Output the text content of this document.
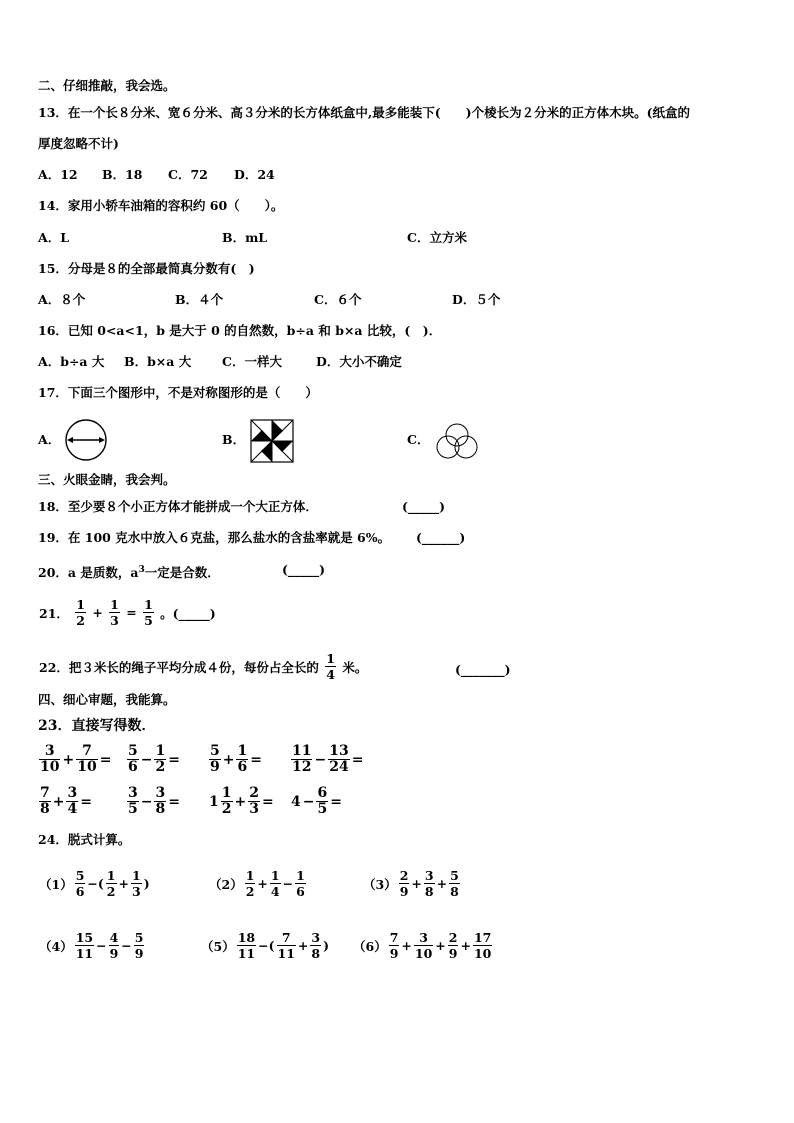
二、仔细推敲，我会选。
13．在一个长８分米、宽６分米、高３分米的长方体纸盒中,最多能装下(　　)个棱长为２分米的正方体木块。(纸盒的
厚度忽略不计)
A．12 B．18 C．72 D．24
14．家用小轿车油箱的容积约 60（　　）。
A．L	B．mL	C．立方米
15．分母是８的全部最简真分数有(　)
A．８个	B．４个	C．６个	D．５个
16．已知 0<a<1，b 是大于 0 的自然数，b÷a 和 b×a 比较，(　)．
A．b÷a 大 B．b×a 大 C．一样大	D．大小不确定
17．下面三个图形中，不是对称图形的是（　　）
A．	B．	C．
三、火眼金睛，我会判。
18．至少要８个小正方体才能拼成一个大正方体．	(_____)
19．在 100 克水中放入６克盐，那么盐水的含盐率就是 6%。 (______)
20．a 是质数，$a^3$一定是合数．	(_____)
21． $\frac{1}{2} + \frac{1}{3} = \frac{1}{5}$ 。(_____)
22．把３米长的绳子平均分成４份，每份占全长的 $\frac{1}{4}$ 米。	(_______)
四、细心审题，我能算。
23．直接写得数．
$\frac{3}{10} + \frac{7}{10} = \frac{5}{6} - \frac{1}{2} = \frac{5}{9} + \frac{1}{6} = \frac{11}{12} - \frac{13}{24}$ =
$\frac{7}{8} + \frac{3}{4}$ =	$\frac{3}{5} - \frac{3}{8} = 1 \frac{1}{2} + \frac{2}{3} = 4 - \frac{6}{5}$ =
24．脱式计算。
$(1) \frac{5}{6}$ −( $\frac{1}{2} + \frac{1}{3}$ )	$(2) \frac{1}{2} + \frac{1}{4} - \frac{1}{6}$	$(3) \frac{2}{9} + \frac{3}{8} + \frac{5}{8}$
$(4) \frac{15}{11} - \frac{4}{9} - \frac{5}{9}$	$(5) \frac{18}{11}$ −( $\frac{7}{11} + \frac{3}{8}$ ) $(6) \frac{7}{9} + \frac{3}{10} + \frac{2}{9} + \frac{17}{10}$
